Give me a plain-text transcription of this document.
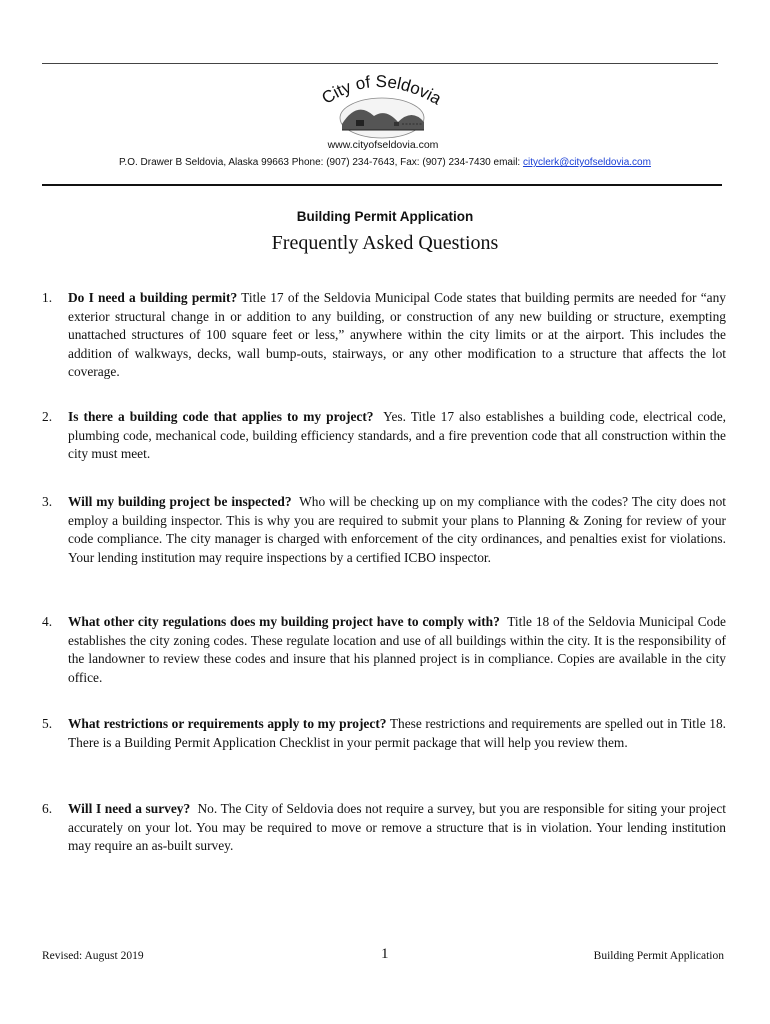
City of Seldovia
www.cityofseldovia.com
P.O. Drawer B Seldovia, Alaska 99663 Phone: (907) 234-7643, Fax: (907) 234-7430 email: cityclerk@cityofseldovia.com
Building Permit Application
Frequently Asked Questions
1.	Do I need a building permit? Title 17 of the Seldovia Municipal Code states that building permits are needed for “any exterior structural change in or addition to any building, or construction of any new building or structure, exempting unattached structures of 100 square feet or less,” anywhere within the city limits or at the airport. This includes the addition of walkways, decks, wall bump-outs, stairways, or any other modification to a structure that affects the lot coverage.
2.	Is there a building code that applies to my project? Yes. Title 17 also establishes a building code, electrical code, plumbing code, mechanical code, building efficiency standards, and a fire prevention code that all construction within the city must meet.
3.	Will my building project be inspected? Who will be checking up on my compliance with the codes? The city does not employ a building inspector. This is why you are required to submit your plans to Planning & Zoning for review of your code compliance. The city manager is charged with enforcement of the city ordinances, and penalties exist for violations. Your lending institution may require inspections by a certified ICBO inspector.
4.	What other city regulations does my building project have to comply with? Title 18 of the Seldovia Municipal Code establishes the city zoning codes. These regulate location and use of all buildings within the city. It is the responsibility of the landowner to review these codes and insure that his planned project is in compliance. Copies are available in the city office.
5.	What restrictions or requirements apply to my project? These restrictions and requirements are spelled out in Title 18. There is a Building Permit Application Checklist in your permit package that will help you review them.
6.	Will I need a survey? No. The City of Seldovia does not require a survey, but you are responsible for siting your project accurately on your lot. You may be required to move or remove a structure that is in violation. Your lending institution may require an as-built survey.
Revised: August 2019	1	Building Permit Application
